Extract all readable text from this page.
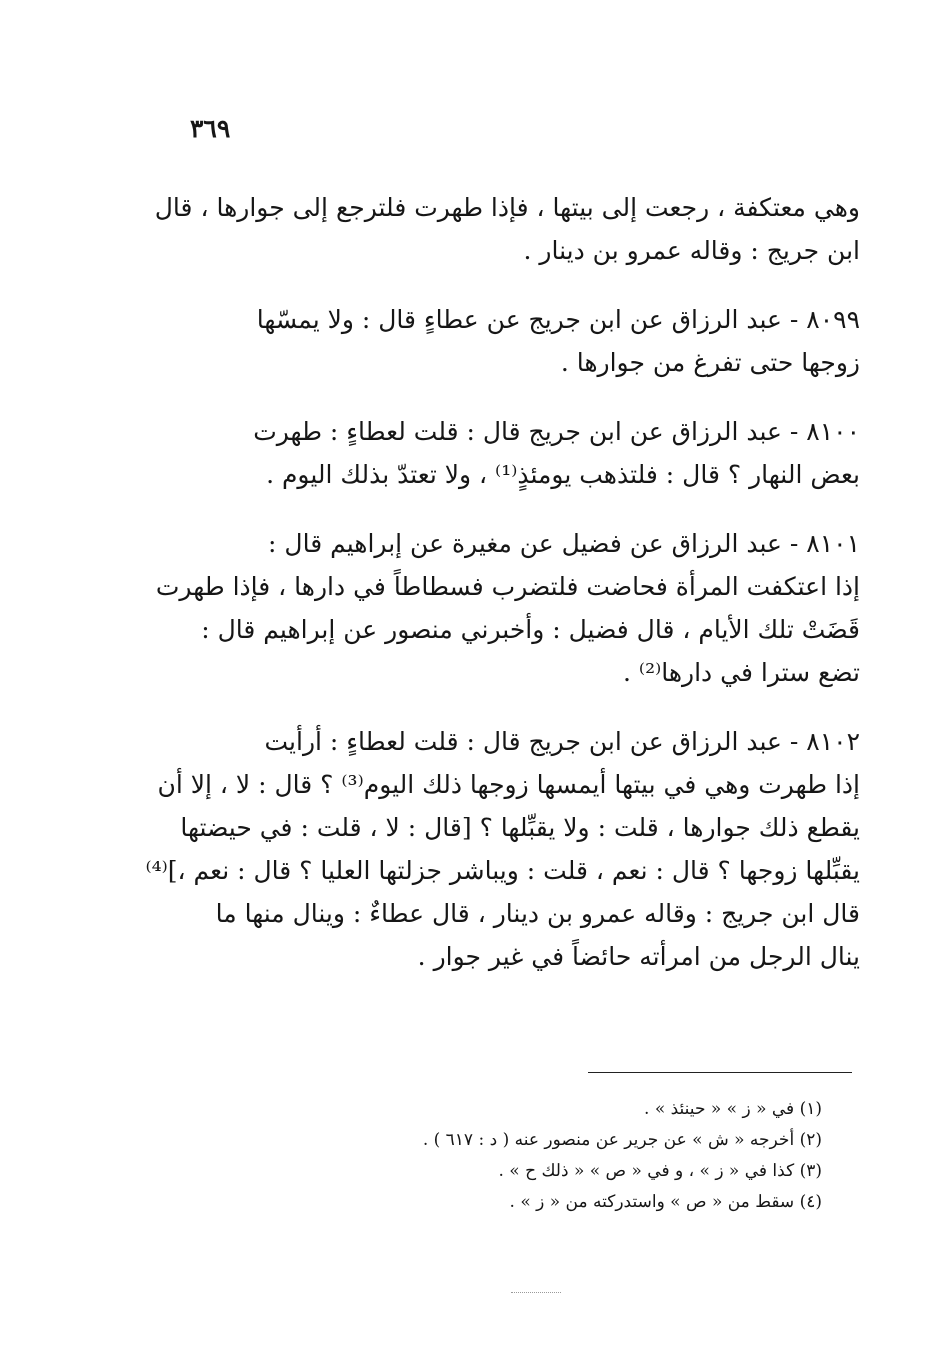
٣٦٩

وهي معتكفة ، رجعت إلى بيتها ، فإذا طهرت فلترجع إلى جوارها ، قال
ابن جريج : وقاله عمرو بن دينار .

٨٠٩٩ - عبد الرزاق عن ابن جريج عن عطاءٍ قال : ولا يمسّها
زوجها حتى تفرغ من جوارها .

٨١٠٠ - عبد الرزاق عن ابن جريج قال : قلت لعطاءٍ : طهرت
بعض النهار ؟ قال : فلتذهب يومئذٍ⁽¹⁾ ، ولا تعتدّ بذلك اليوم .

٨١٠١ - عبد الرزاق عن فضيل عن مغيرة عن إبراهيم قال :
إذا اعتكفت المرأة فحاضت فلتضرب فسطاطاً في دارها ، فإذا طهرت
قَضَتْ تلك الأيام ، قال فضيل : وأخبرني منصور عن إبراهيم قال :
تضع سترا في دارها⁽²⁾ .

٨١٠٢ - عبد الرزاق عن ابن جريج قال : قلت لعطاءٍ : أرأيت
إذا طهرت وهي في بيتها أيمسها زوجها ذلك اليوم⁽³⁾ ؟ قال : لا ، إلا أن
يقطع ذلك جوارها ، قلت : ولا يقبِّلها ؟ [قال : لا ، قلت : في حيضتها
يقبِّلها زوجها ؟ قال : نعم ، قلت : ويباشر جزلتها العليا ؟ قال : نعم ،]⁽⁴⁾
قال ابن جريج : وقاله عمرو بن دينار ، قال عطاءٌ : وينال منها ما
ينال الرجل من امرأته حائضاً في غير جوار .

(١) في « ز » « حينئذ » .
(٢) أخرجه « ش » عن جرير عن منصور عنه ( د : ٦١٧ ) .
(٣) كذا في « ز » ، و في « ص » « ذلك ح » .
(٤) سقط من « ص » واستدركته من « ز » .
